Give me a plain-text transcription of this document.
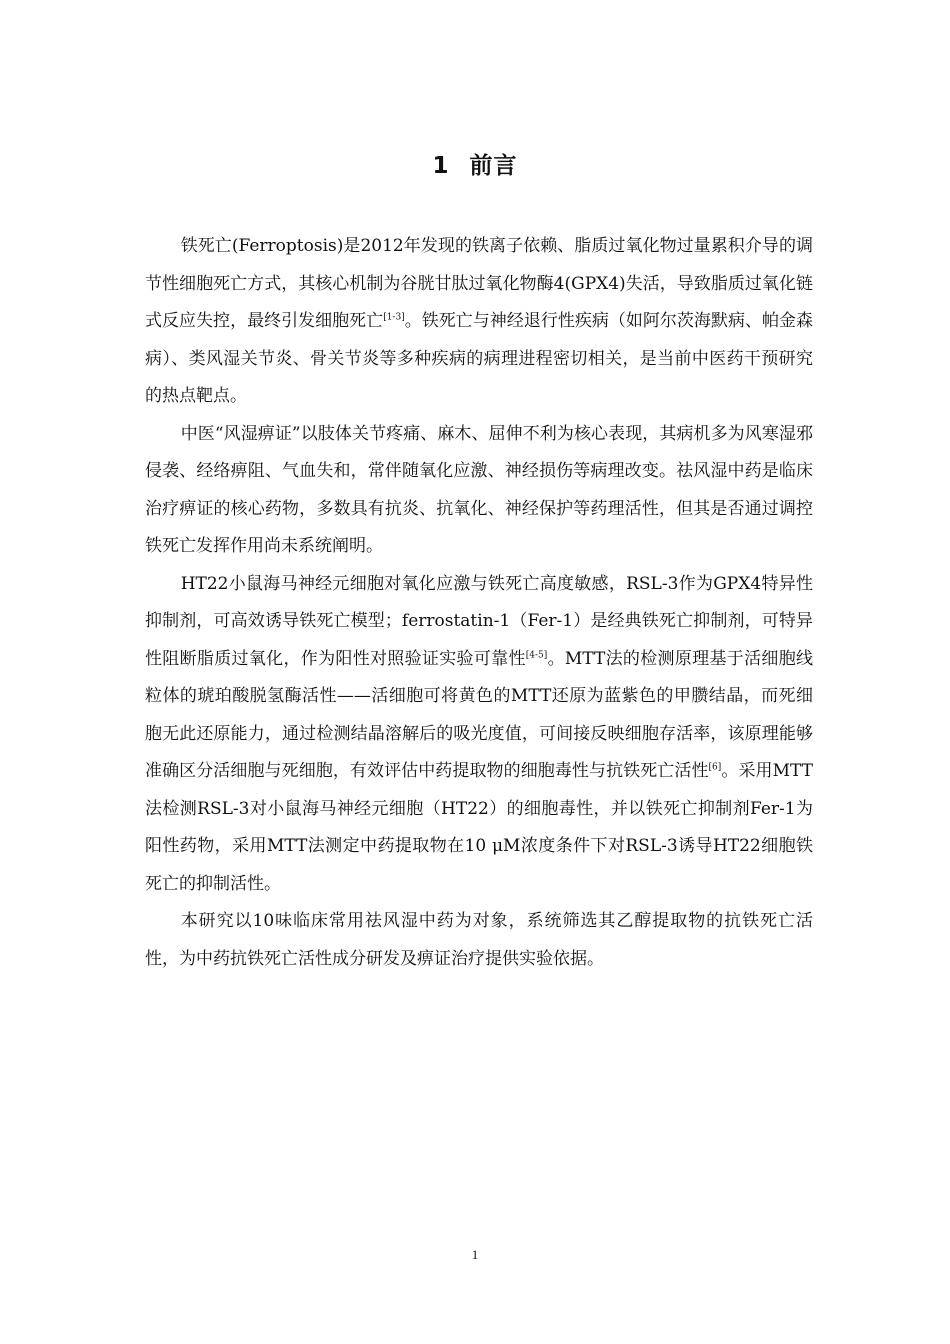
1 前言

铁死亡(Ferroptosis)是2012年发现的铁离子依赖、脂质过氧化物过量累积介导的调节性细胞死亡方式，其核心机制为谷胱甘肽过氧化物酶4(GPX4)失活，导致脂质过氧化链式反应失控，最终引发细胞死亡[1-3]。铁死亡与神经退行性疾病（如阿尔茨海默病、帕金森病）、类风湿关节炎、骨关节炎等多种疾病的病理进程密切相关，是当前中医药干预研究的热点靶点。

中医“风湿痹证”以肢体关节疼痛、麻木、屈伸不利为核心表现，其病机多为风寒湿邪侵袭、经络痹阻、气血失和，常伴随氧化应激、神经损伤等病理改变。祛风湿中药是临床治疗痹证的核心药物，多数具有抗炎、抗氧化、神经保护等药理活性，但其是否通过调控铁死亡发挥作用尚未系统阐明。

HT22小鼠海马神经元细胞对氧化应激与铁死亡高度敏感，RSL-3作为GPX4特异性抑制剂，可高效诱导铁死亡模型；ferrostatin-1（Fer-1）是经典铁死亡抑制剂，可特异性阻断脂质过氧化，作为阳性对照验证实验可靠性[4-5]。MTT法的检测原理基于活细胞线粒体的琥珀酸脱氢酶活性——活细胞可将黄色的MTT还原为蓝紫色的甲臜结晶，而死细胞无此还原能力，通过检测结晶溶解后的吸光度值，可间接反映细胞存活率，该原理能够准确区分活细胞与死细胞，有效评估中药提取物的细胞毒性与抗铁死亡活性[6]。采用MTT法检测RSL-3对小鼠海马神经元细胞（HT22）的细胞毒性，并以铁死亡抑制剂Fer-1为阳性药物，采用MTT法测定中药提取物在10 μM浓度条件下对RSL-3诱导HT22细胞铁死亡的抑制活性。

本研究以10味临床常用祛风湿中药为对象，系统筛选其乙醇提取物的抗铁死亡活性，为中药抗铁死亡活性成分研发及痹证治疗提供实验依据。

1
